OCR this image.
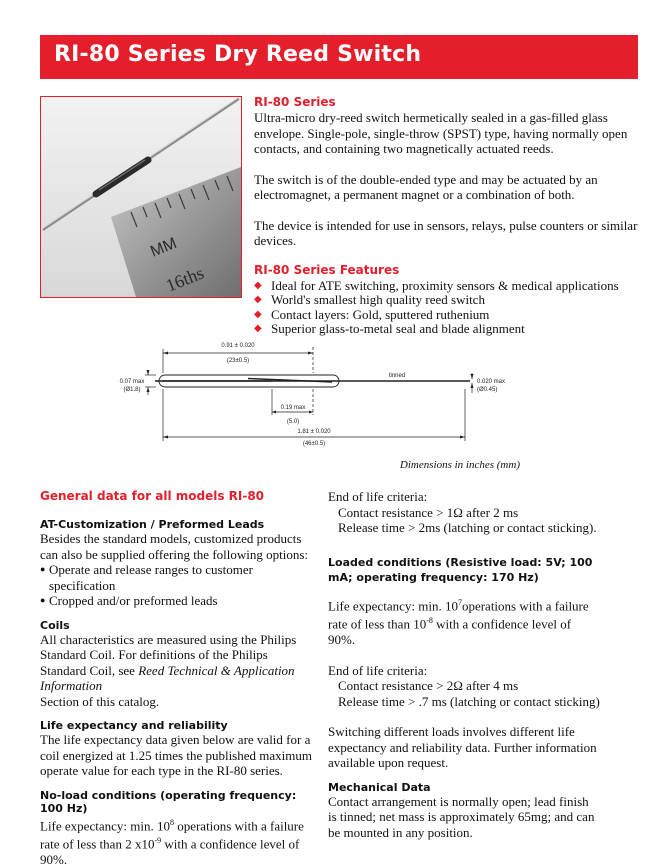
RI-80 Series Dry Reed Switch
MM
16ths
RI-80 Series

Ultra-micro dry-reed switch hermetically sealed in a gas-filled glass envelope. Single-pole, single-throw (SPST) type, having normally open contacts, and containing two magnetically actuated reeds.

The switch is of the double-ended type and may be actuated by an electromagnet, a permanent magnet or a combination of both.

The device is intended for use in sensors, relays, pulse counters or similar devices.

RI-80 Series Features
◆ Ideal for ATE switching, proximity sensors & medical applications
◆ World's smallest high quality reed switch
◆ Contact layers: Gold, sputtered ruthenium
◆ Superior glass-to-metal seal and blade alignment
0.91 ± 0.020
(23±0.5)
0.07 max
(Ø1.8)
tinned
0.020 max
(Ø0.45)
0.19 max
(5.0)
1.81 ± 0.020
(46±0.5)
Dimensions in inches (mm)
General data for all models RI-80
AT-Customization / Preformed Leads

Besides the standard models, customized products can also be supplied offering the following options:

● Operate and release ranges to customer specification
● Cropped and/or preformed leads
Coils

All characteristics are measured using the Philips Standard Coil. For definitions of the Philips Standard Coil, see Reed Technical & Application Information
Section of this catalog.

Life expectancy and reliability

The life expectancy data given below are valid for a coil energized at 1.25 times the published maximum operate value for each type in the RI-80 series.

No-load conditions (operating frequency: 100 Hz)

Life expectancy: min. $10^8$ operations with a failure rate of less than 2 $x10^{-9}$ with a confidence level of 90%.

End of life criteria:

Contact resistance > 1Ω after 2 ms

Release time > 2ms (latching or contact sticking).

Loaded conditions (Resistive load: 5V; 100 mA; operating frequency: 170 Hz)

Life expectancy: min. $10^7operations$ with a failure rate of less than $10^{-8}$ with a confidence level of 90%.

End of life criteria:

Contact resistance > 2Ω after 4 ms

Release time > .7 ms (latching or contact sticking)

Switching different loads involves different life expectancy and reliability data. Further information available upon request.

Mechanical Data

Contact arrangement is normally open; lead finish is tinned; net mass is approximately 65mg; and can be mounted in any position.
